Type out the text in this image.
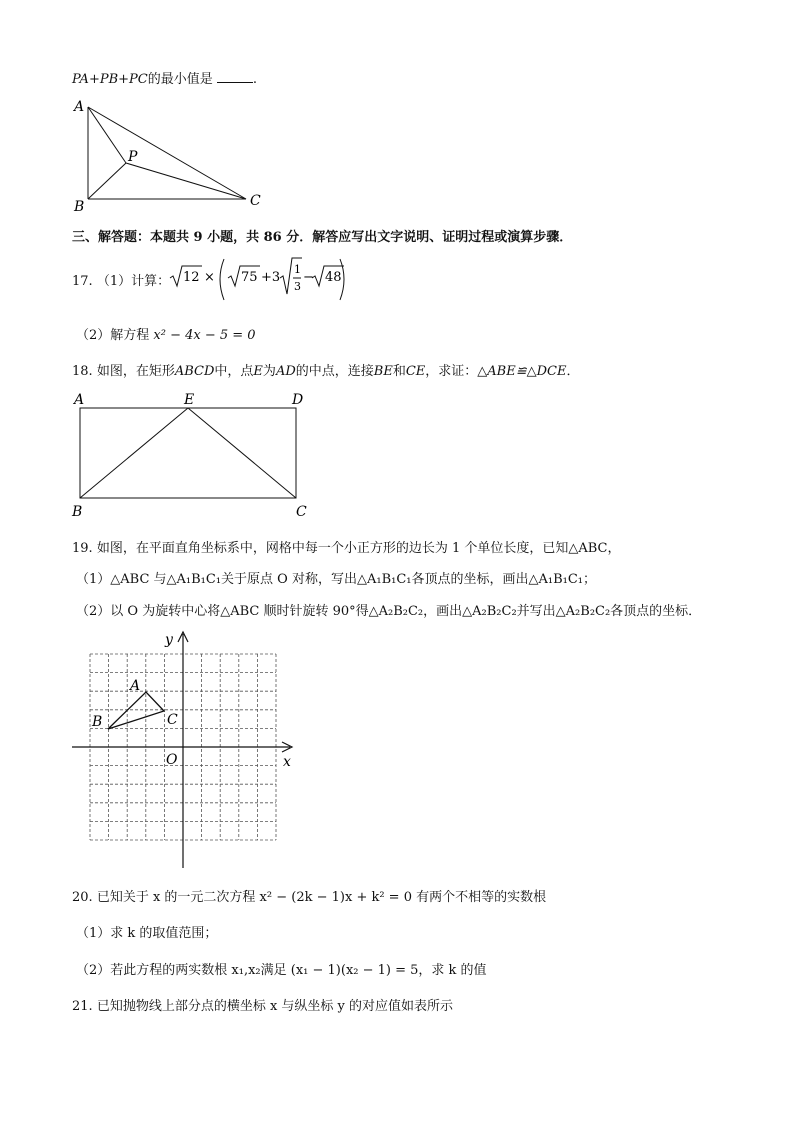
PA+PB+PC的最小值是	.
A
P
B	C
三、解答题：本题共 9 小题，共 86 分．解答应写出文字说明、证明过程或演算步骤．
17. （1）计算： 12 × 75 +3
1
3
− 48
（2）解方程 x² − 4x − 5 = 0
18. 如图，在矩形ABCD中，点E为AD的中点，连接BE和CE，求证：△ABE≌△DCE．
A	E	D
B	C
19. 如图，在平面直角坐标系中，网格中每一个小正方形的边长为 1 个单位长度，已知△ABC，
（1）△ABC 与△A₁B₁C₁关于原点 O 对称，写出△A₁B₁C₁各顶点的坐标，画出△A₁B₁C₁；
（2）以 O 为旋转中心将△ABC 顺时针旋转 90°得△A₂B₂C₂，画出△A₂B₂C₂并写出△A₂B₂C₂各顶点的坐标．
A
B	C
O	x
y
20. 已知关于 x 的一元二次方程 x² − (2k − 1)x + k² = 0 有两个不相等的实数根
（1）求 k 的取值范围；
（2）若此方程的两实数根 x₁,x₂满足 (x₁ − 1)(x₂ − 1) = 5，求 k 的值
21. 已知抛物线上部分点的横坐标 x 与纵坐标 y 的对应值如表所示
